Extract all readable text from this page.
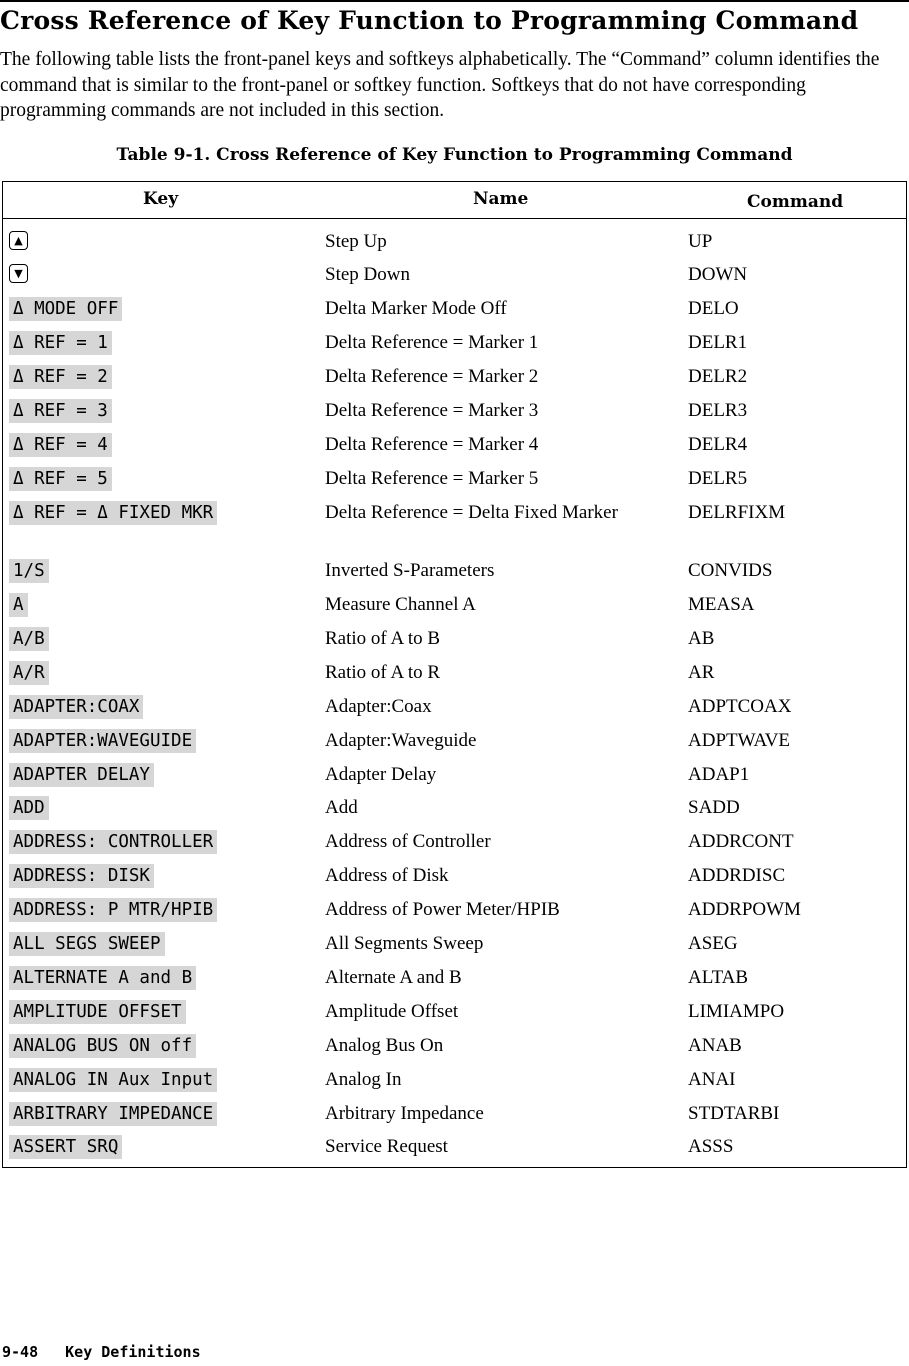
Cross Reference of Key Function to Programming Command

The following table lists the front-panel keys and softkeys alphabetically. The “Command” column identifies the command that is similar to the front-panel or softkey function. Softkeys that do not have corresponding programming commands are not included in this section.

Table 9-1. Cross Reference of Key Function to Programming Command
Key	Name	Command
▲	Step Up	UP
▼	Step Down	DOWN
Δ MODE OFF	Delta Marker Mode Off	DELO
Δ REF = 1	Delta Reference = Marker 1	DELR1
Δ REF = 2	Delta Reference = Marker 2	DELR2
Δ REF = 3	Delta Reference = Marker 3	DELR3
Δ REF = 4	Delta Reference = Marker 4	DELR4
Δ REF = 5	Delta Reference = Marker 5	DELR5
Δ REF = Δ FIXED MKR	Delta Reference = Delta Fixed Marker	DELRFIXM
1/S	Inverted S-Parameters	CONVIDS
A	Measure Channel A	MEASA
A/B	Ratio of A to B	AB
A/R	Ratio of A to R	AR
ADAPTER:COAX	Adapter:Coax	ADPTCOAX
ADAPTER:WAVEGUIDE	Adapter:Waveguide	ADPTWAVE
ADAPTER DELAY	Adapter Delay	ADAP1
ADD	Add	SADD
ADDRESS: CONTROLLER	Address of Controller	ADDRCONT
ADDRESS: DISK	Address of Disk	ADDRDISC
ADDRESS: P MTR/HPIB	Address of Power Meter/HPIB	ADDRPOWM
ALL SEGS SWEEP	All Segments Sweep	ASEG
ALTERNATE A and B	Alternate A and B	ALTAB
AMPLITUDE OFFSET	Amplitude Offset	LIMIAMPO
ANALOG BUS ON off	Analog Bus On	ANAB
ANALOG IN Aux Input	Analog In	ANAI
ARBITRARY IMPEDANCE	Arbitrary Impedance	STDTARBI
ASSERT SRQ	Service Request	ASSS
9-48 Key Definitions
